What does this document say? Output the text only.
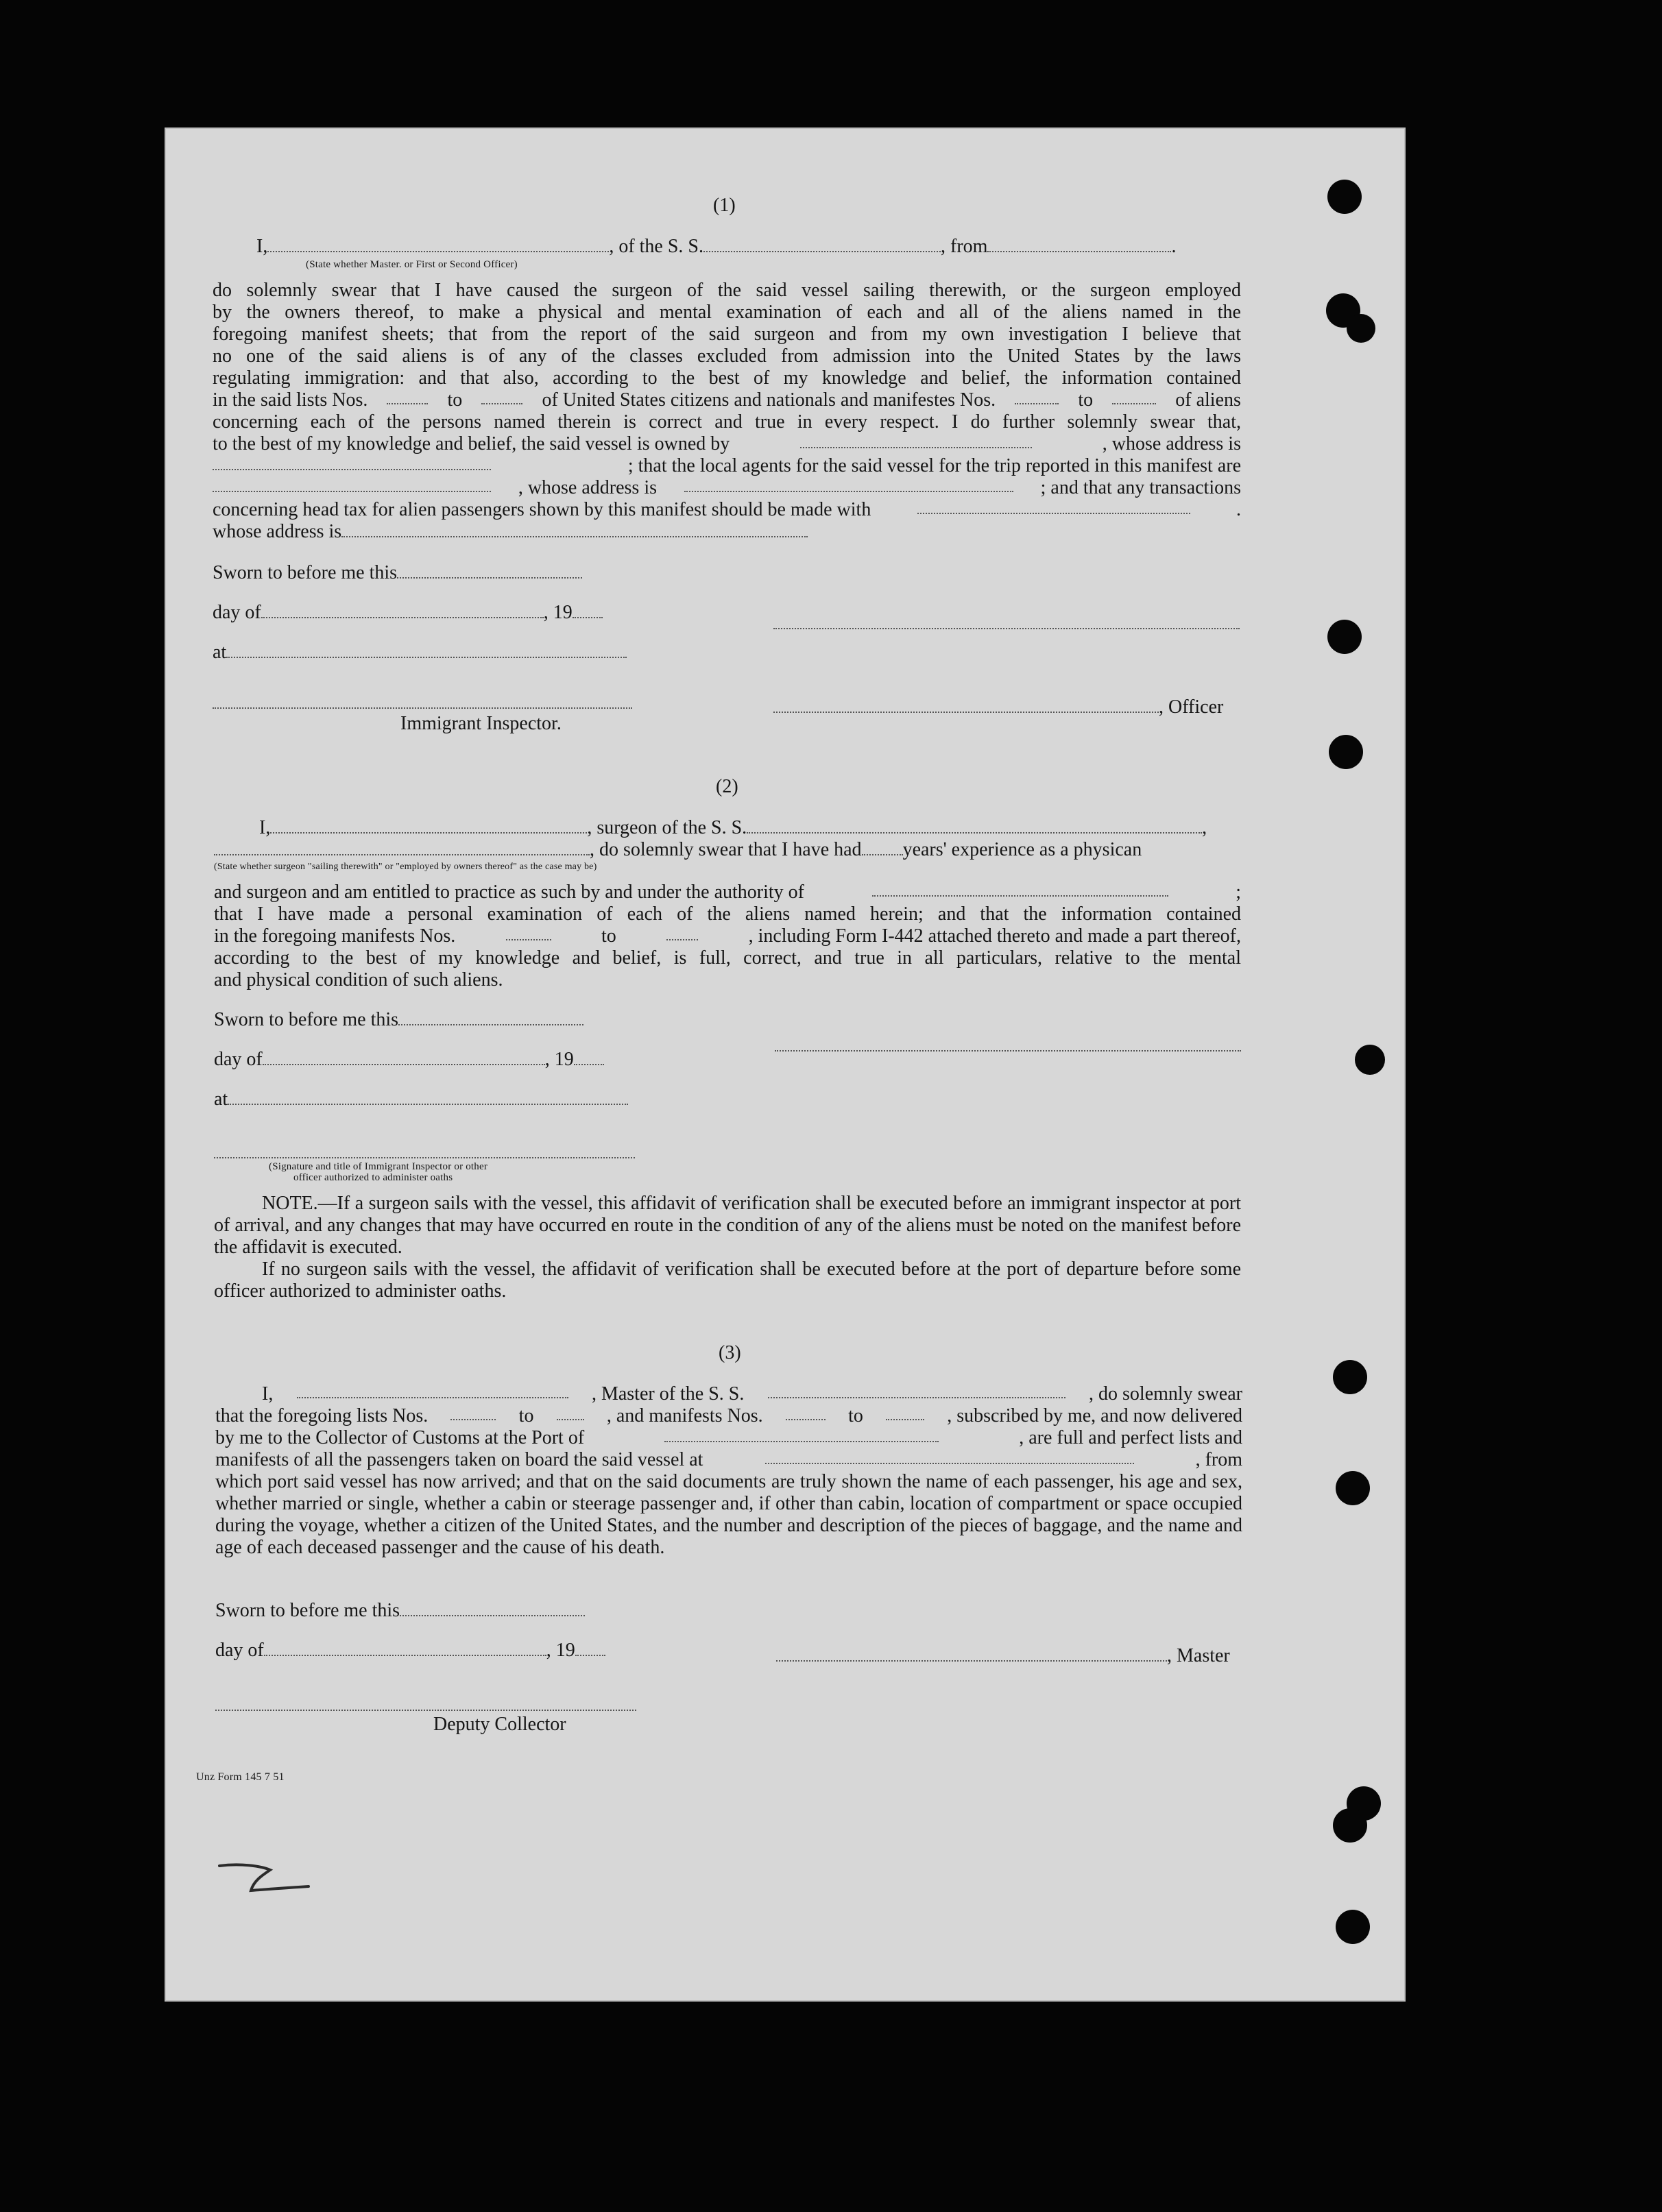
(1)
I,	, of the S. S.	, from	.
(State whether Master. or First or Second Officer)
do solemnly swear that I have caused the surgeon of the said vessel sailing therewith, or the surgeon employed
by the owners thereof, to make a physical and mental examination of each and all of the aliens named in the
foregoing manifest sheets; that from the report of the said surgeon and from my own investigation I believe that
no one of the said aliens is of any of the classes excluded from admission into the United States by the laws
regulating immigration: and that also, according to the best of my knowledge and belief, the information contained
in the said lists Nos.	to	of United States citizens and nationals and manifestes Nos.	to	of aliens
concerning each of the persons named therein is correct and true in every respect. I do further solemnly swear that,
to the best of my knowledge and belief, the said vessel is owned by	, whose address is
; that the local agents for the said vessel for the trip reported in this manifest are
, whose address is	; and that any transactions
concerning head tax for alien passengers shown by this manifest should be made with	.
whose address is
Sworn to before me this
day of	, 19
at
, Officer
Immigrant Inspector.
(2)
I,	, surgeon of the S. S.	,
, do solemnly swear that I have had years' experience as a physican
(State whether surgeon "sailing therewith" or "employed by owners thereof" as the case may be)
and surgeon and am entitled to practice as such by and under the authority of	;
that I have made a personal examination of each of the aliens named herein; and that the information contained
in the foregoing manifests Nos.	to	, including Form I-442 attached thereto and made a part thereof,
according to the best of my knowledge and belief, is full, correct, and true in all particulars, relative to the mental
and physical condition of such aliens.
Sworn to before me this
day of	, 19
at
(Signature and title of Immigrant Inspector or other
officer authorized to administer oaths
NOTE.—If a surgeon sails with the vessel, this affidavit of verification shall be executed before an immigrant inspector at port of arrival, and any changes that may have occurred en route in the condition of any of the aliens must be noted on the manifest before the affidavit is executed.
If no surgeon sails with the vessel, the affidavit of verification shall be executed before at the port of departure before some officer authorized to administer oaths.
(3)
I,	, Master of the S. S.	, do solemnly swear
that the foregoing lists Nos.	to	, and manifests Nos.	to	, subscribed by me, and now delivered
by me to the Collector of Customs at the Port of	, are full and perfect lists and
manifests of all the passengers taken on board the said vessel at	, from
which port said vessel has now arrived; and that on the said documents are truly shown the name of each passenger, his age and sex, whether married or single, whether a cabin or steerage passenger and, if other than cabin, location of compartment or space occupied during the voyage, whether a citizen of the United States, and the number and description of the pieces of baggage, and the name and age of each deceased passenger and the cause of his death.
Sworn to before me this
day of	, 19	, Master
Deputy Collector
Unz Form 145 7 51
